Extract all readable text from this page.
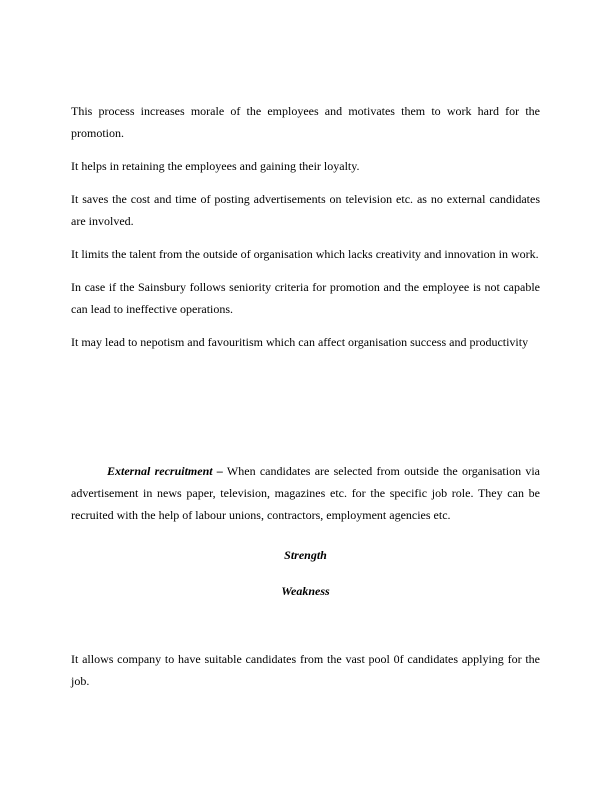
This process increases morale of the employees and motivates them to work hard for the promotion.

It helps in retaining the employees and gaining their loyalty.

It saves the cost and time of posting advertisements on television etc. as no external candidates are involved.

It limits the talent from the outside of organisation which lacks creativity and innovation in work.

In case if the Sainsbury follows seniority criteria for promotion and the employee is not capable can lead to ineffective operations.

It may lead to nepotism and favouritism which can affect organisation success and productivity

External recruitment – When candidates are selected from outside the organisation via advertisement in news paper, television, magazines etc. for the specific job role. They can be recruited with the help of labour unions, contractors, employment agencies etc.

Strength

Weakness

It allows company to have suitable candidates from the vast pool 0f candidates applying for the job.
